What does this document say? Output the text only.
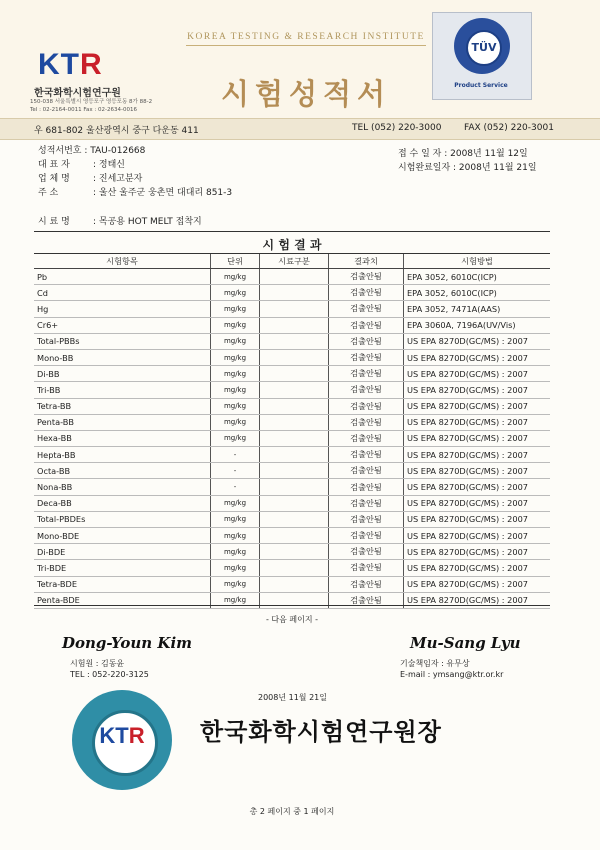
KTR
한국화학시험연구원
150-038 서울특별시 영등포구 영등포동 8가 88-2
Tel : 02-2164-0011 Fax : 02-2634-0016
KOREA TESTING & RESEARCH INSTITUTE
시험성적서
TÜV
Product Service
우 681-802 울산광역시 중구 다운동 411	TEL (052) 220-3000	FAX (052) 220-3001
성적서번호 : TAU-012668
대 표 자	: 정태신
업 체 명	: 진세고분자
주 소	: 울산 울주군 웅촌면 대대리 851-3
접 수 일 자 : 2008년 11월 12일
시험완료일자 : 2008년 11월 21일
시 료 명	: 목공용 HOT MELT 접착지
시 험 결 과
시험항목	단위	시료구분	결과치	시험방법
Pb	mg/kg		검출안됨	EPA 3052, 6010C(ICP)
Cd	mg/kg		검출안됨	EPA 3052, 6010C(ICP)
Hg	mg/kg		검출안됨	EPA 3052, 7471A(AAS)
Cr6+	mg/kg		검출안됨	EPA 3060A, 7196A(UV/Vis)
Total-PBBs	mg/kg		검출안됨	US EPA 8270D(GC/MS) : 2007
Mono-BB	mg/kg		검출안됨	US EPA 8270D(GC/MS) : 2007
Di-BB	mg/kg		검출안됨	US EPA 8270D(GC/MS) : 2007
Tri-BB	mg/kg		검출안됨	US EPA 8270D(GC/MS) : 2007
Tetra-BB	mg/kg		검출안됨	US EPA 8270D(GC/MS) : 2007
Penta-BB	mg/kg		검출안됨	US EPA 8270D(GC/MS) : 2007
Hexa-BB	mg/kg		검출안됨	US EPA 8270D(GC/MS) : 2007
Hepta-BB	-		검출안됨	US EPA 8270D(GC/MS) : 2007
Octa-BB	-		검출안됨	US EPA 8270D(GC/MS) : 2007
Nona-BB	-		검출안됨	US EPA 8270D(GC/MS) : 2007
Deca-BB	mg/kg		검출안됨	US EPA 8270D(GC/MS) : 2007
Total-PBDEs	mg/kg		검출안됨	US EPA 8270D(GC/MS) : 2007
Mono-BDE	mg/kg		검출안됨	US EPA 8270D(GC/MS) : 2007
Di-BDE	mg/kg		검출안됨	US EPA 8270D(GC/MS) : 2007
Tri-BDE	mg/kg		검출안됨	US EPA 8270D(GC/MS) : 2007
Tetra-BDE	mg/kg		검출안됨	US EPA 8270D(GC/MS) : 2007
Penta-BDE	mg/kg		검출안됨	US EPA 8270D(GC/MS) : 2007
- 다음 페이지 -
Dong-Youn Kim
시험원 : 김동윤
TEL : 052-220-3125
Mu-Sang Lyu
기술책임자 : 유무상
E-mail : ymsang@ktr.or.kr
2008년 11월 21일
KTR 한국화학시험연구원장
총 2 페이지 중 1 페이지
